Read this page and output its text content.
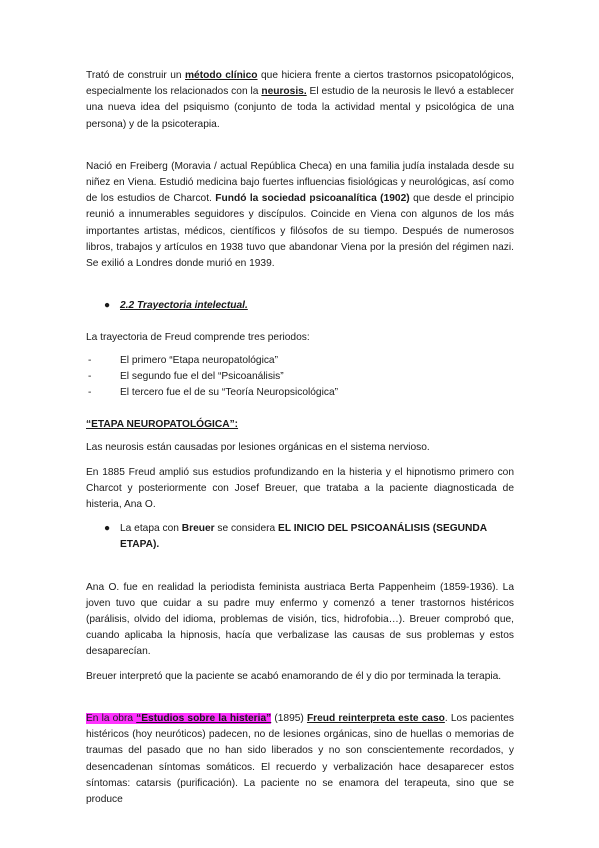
Trató de construir un método clínico que hiciera frente a ciertos trastornos psicopatológicos, especialmente los relacionados con la neurosis. El estudio de la neurosis le llevó a establecer una nueva idea del psiquismo (conjunto de toda la actividad mental y psicológica de una persona) y de la psicoterapia.

Nació en Freiberg (Moravia / actual República Checa) en una familia judía instalada desde su niñez en Viena. Estudió medicina bajo fuertes influencias fisiológicas y neurológicas, así como de los estudios de Charcot. Fundó la sociedad psicoanalítica (1902) que desde el principio reunió a innumerables seguidores y discípulos. Coincide en Viena con algunos de los más importantes artistas, médicos, científicos y filósofos de su tiempo. Después de numerosos libros, trabajos y artículos en 1938 tuvo que abandonar Viena por la presión del régimen nazi. Se exilió a Londres donde murió en 1939.

● 2.2 Trayectoria intelectual.

La trayectoria de Freud comprende tres periodos:

-	El primero “Etapa neuropatológica”
-	El segundo fue el del “Psicoanálisis”
-	El tercero fue el de su “Teoría Neuropsicológica”

“ETAPA NEUROPATOLÓGICA”:

Las neurosis están causadas por lesiones orgánicas en el sistema nervioso.

En 1885 Freud amplió sus estudios profundizando en la histeria y el hipnotismo primero con Charcot y posteriormente con Josef Breuer, que trataba a la paciente diagnosticada de histeria, Ana O.

● La etapa con Breuer se considera EL INICIO DEL PSICOANÁLISIS (SEGUNDA ETAPA).

Ana O. fue en realidad la periodista feminista austriaca Berta Pappenheim (1859-1936). La joven tuvo que cuidar a su padre muy enfermo y comenzó a tener trastornos histéricos (parálisis, olvido del idioma, problemas de visión, tics, hidrofobia…). Breuer comprobó que, cuando aplicaba la hipnosis, hacía que verbalizase las causas de sus problemas y estos desaparecían.

Breuer interpretó que la paciente se acabó enamorando de él y dio por terminada la terapia.

En la obra “Estudios sobre la histeria” (1895) Freud reinterpreta este caso. Los pacientes histéricos (hoy neuróticos) padecen, no de lesiones orgánicas, sino de huellas o memorias de traumas del pasado que no han sido liberados y no son conscientemente recordados, y desencadenan síntomas somáticos. El recuerdo y verbalización hace desaparecer estos síntomas: catarsis (purificación). La paciente no se enamora del terapeuta, sino que se produce
